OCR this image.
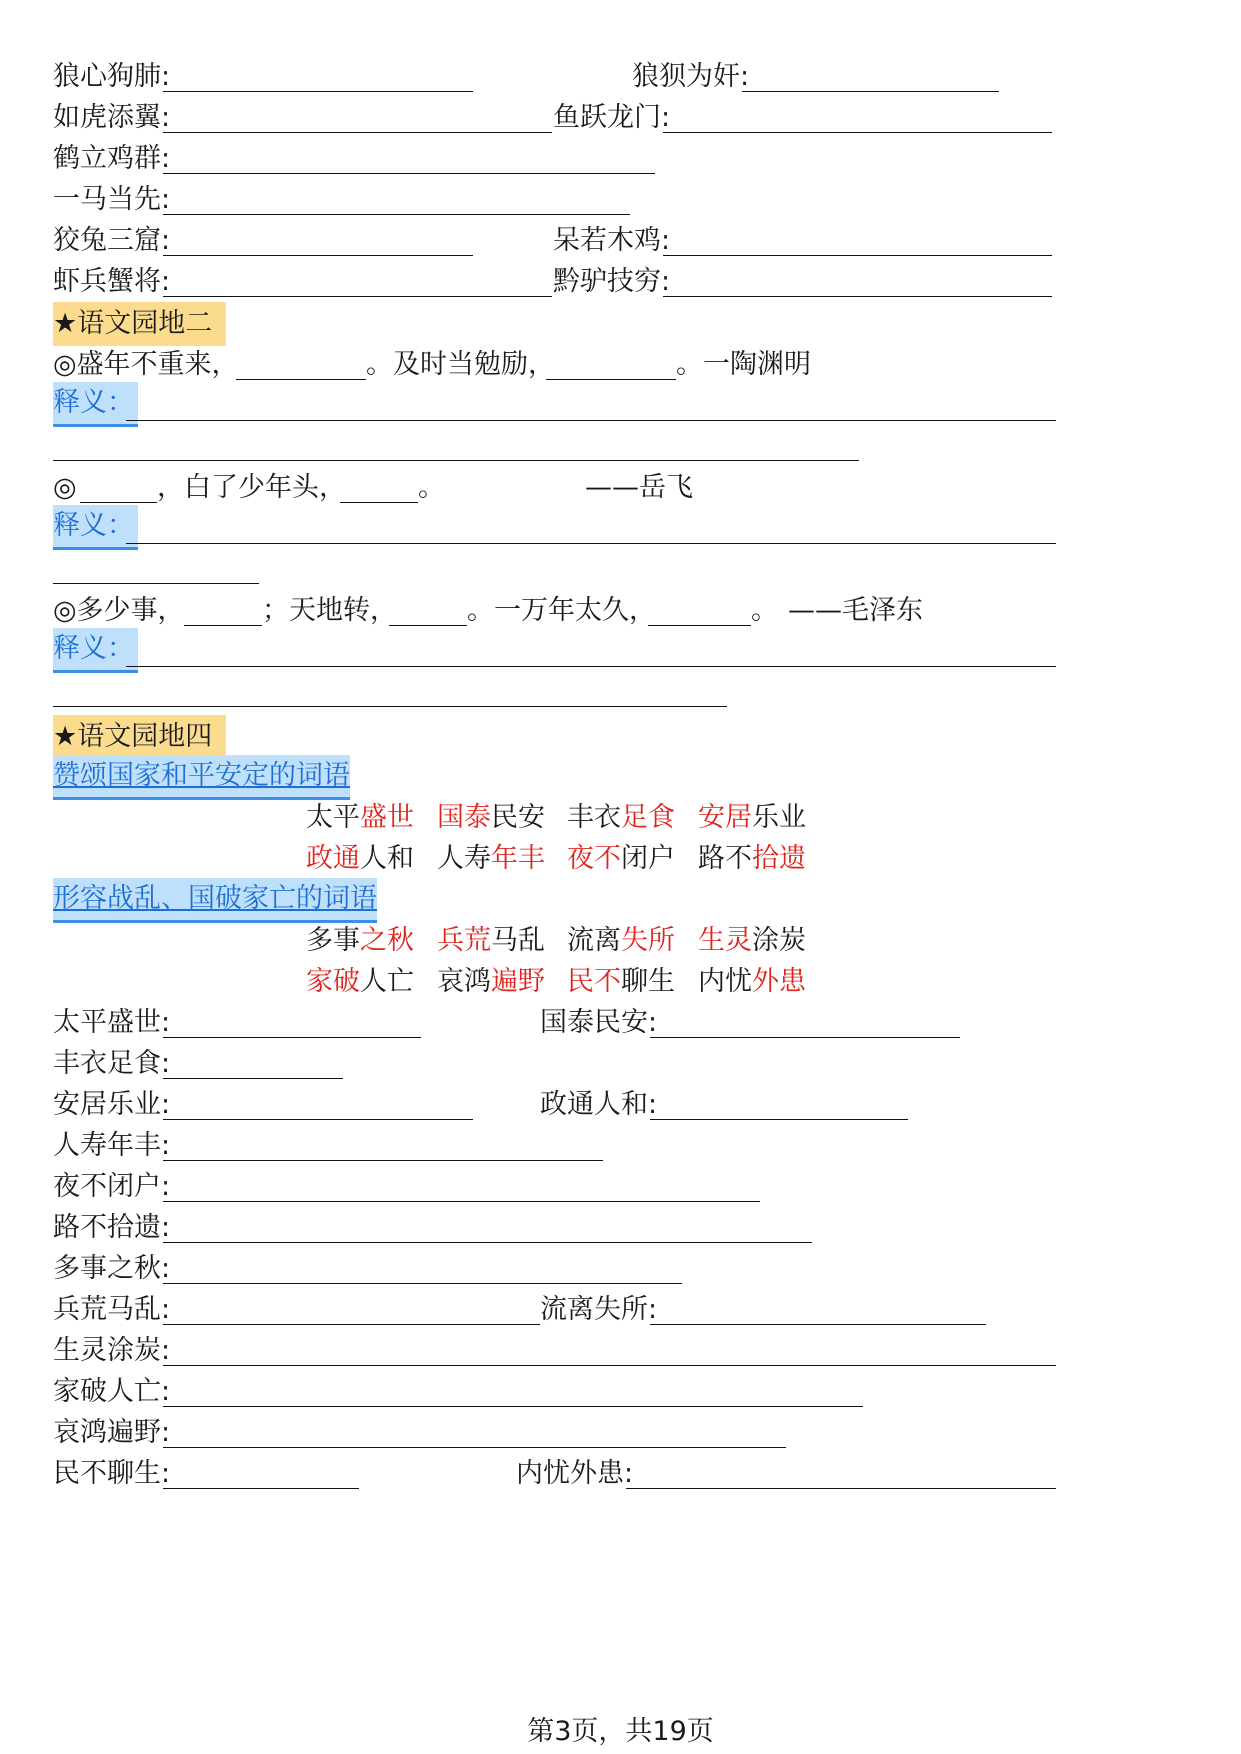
狼心狗肺:	狼狈为奸:
如虎添翼:	鱼跃龙门:
鹤立鸡群:
一马当先:
狡兔三窟:	呆若木鸡:
虾兵蟹将:	黔驴技穷:
★语文园地二
◎盛年不重来，	。及时当勉励，	。一陶渊明
释义：
◎	，白了少年头，	。	——岳飞
释义：
◎多少事，	；天地转，	。一万年太久，	。 ——毛泽东
释义：
★语文园地四
赞颂国家和平安定的词语
太平盛世 国泰民安 丰衣足食 安居乐业
政通人和 人寿年丰 夜不闭户 路不拾遗
形容战乱、国破家亡的词语
多事之秋 兵荒马乱 流离失所 生灵涂炭
家破人亡 哀鸿遍野 民不聊生 内忧外患
太平盛世:	国泰民安:
丰衣足食:
安居乐业:	政通人和:
人寿年丰:
夜不闭户:
路不拾遗:
多事之秋:
兵荒马乱:	流离失所:
生灵涂炭:
家破人亡:
哀鸿遍野:
民不聊生:	内忧外患:
第3页，共19页
